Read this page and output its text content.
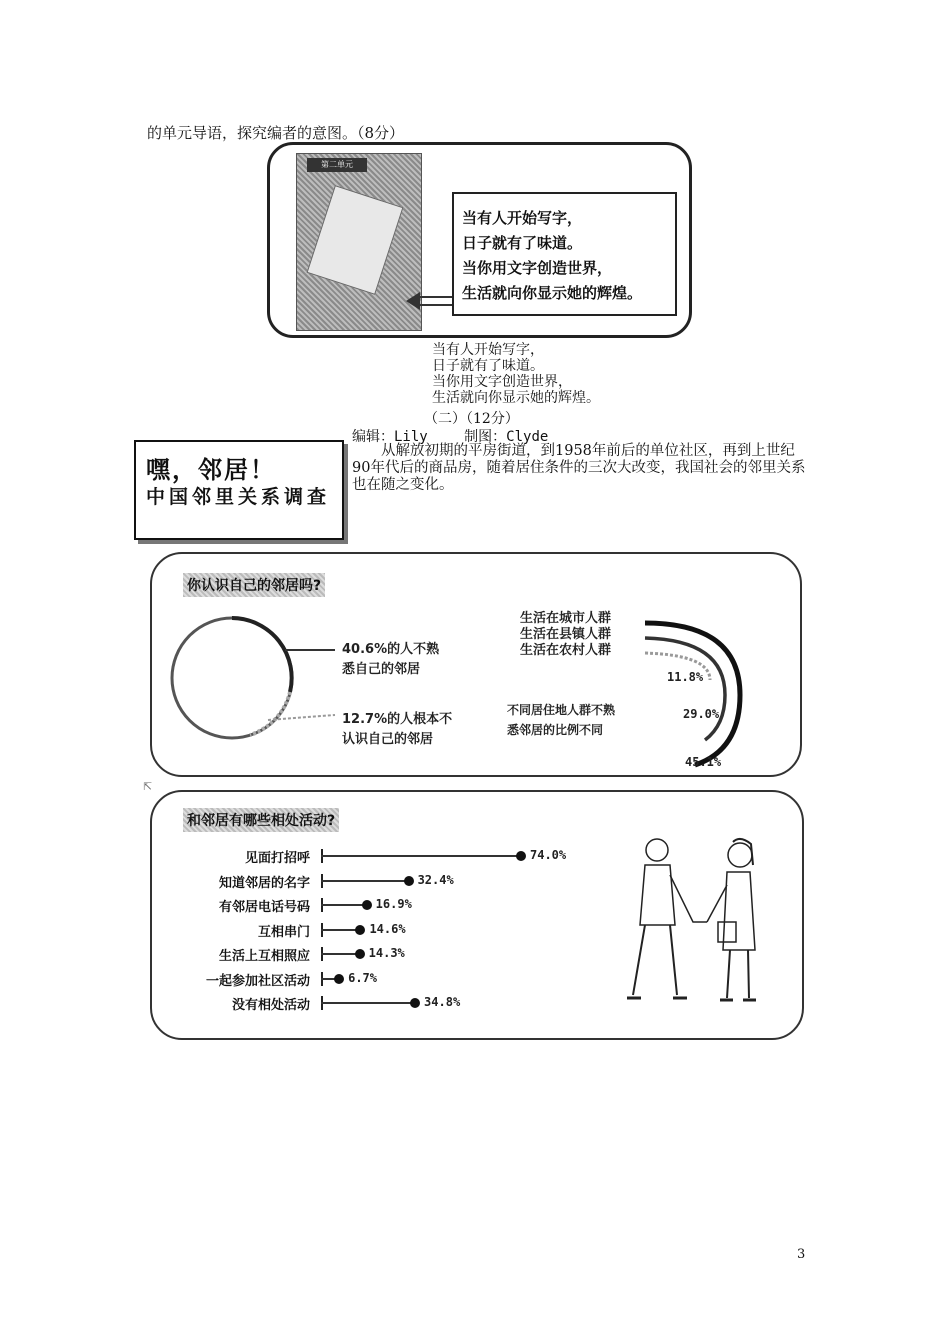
的单元导语，探究编者的意图。（8分）
第二单元
当有人开始写字，
日子就有了味道。
当你用文字创造世界，
生活就向你显示她的辉煌。
当有人开始写字，
日子就有了味道。
当你用文字创造世界，
生活就向你显示她的辉煌。
（二）（12分）
编辑：Lily	制图：Clyde
嘿，邻居！
中国邻里关系调查
从解放初期的平房街道，到1958年前后的单位社区，再到上世纪90年代后的商品房，随着居住条件的三次大改变，我国社会的邻里关系也在随之变化。
你认识自己的邻居吗?
40.6%的人不熟
悉自己的邻居
12.7%的人根本不
认识自己的邻居
生活在城市人群
生活在县镇人群
生活在农村人群
11.8%
29.0%
45.1%
不同居住地人群不熟
悉邻居的比例不同
⇱
和邻居有哪些相处活动?
见面打招呼	74.0%
知道邻居的名字	32.4%
有邻居电话号码	16.9%
互相串门	14.6%
生活上互相照应	14.3%
一起参加社区活动	6.7%
没有相处活动	34.8%
3
